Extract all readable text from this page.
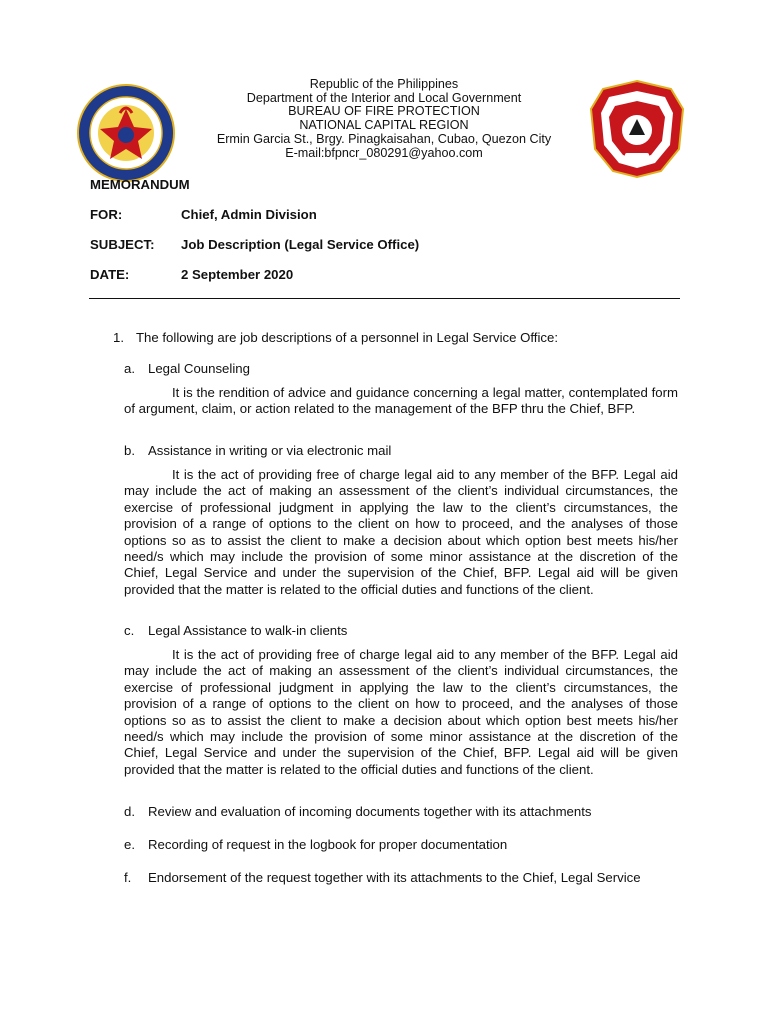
Republic of the Philippines
Department of the Interior and Local Government
BUREAU OF FIRE PROTECTION
NATIONAL CAPITAL REGION
Ermin Garcia St., Brgy. Pinagkaisahan, Cubao, Quezon City
E-mail:bfpncr_080291@yahoo.com
MEMORANDUM
FOR:	Chief, Admin Division
SUBJECT: Job Description (Legal Service Office)
DATE:	2 September 2020
1. The following are job descriptions of a personnel in Legal Service Office:
a. Legal Counseling
It is the rendition of advice and guidance concerning a legal matter, contemplated form of argument, claim, or action related to the management of the BFP thru the Chief, BFP.
b. Assistance in writing or via electronic mail
It is the act of providing free of charge legal aid to any member of the BFP. Legal aid may include the act of making an assessment of the client’s individual circumstances, the exercise of professional judgment in applying the law to the client’s circumstances, the provision of a range of options to the client on how to proceed, and the analyses of those options so as to assist the client to make a decision about which option best meets his/her need/s which may include the provision of some minor assistance at the discretion of the Chief, Legal Service and under the supervision of the Chief, BFP. Legal aid will be given provided that the matter is related to the official duties and functions of the client.
c. Legal Assistance to walk-in clients
It is the act of providing free of charge legal aid to any member of the BFP. Legal aid may include the act of making an assessment of the client’s individual circumstances, the exercise of professional judgment in applying the law to the client’s circumstances, the provision of a range of options to the client on how to proceed, and the analyses of those options so as to assist the client to make a decision about which option best meets his/her need/s which may include the provision of some minor assistance at the discretion of the Chief, Legal Service and under the supervision of the Chief, BFP. Legal aid will be given provided that the matter is related to the official duties and functions of the client.
d. Review and evaluation of incoming documents together with its attachments
e. Recording of request in the logbook for proper documentation
f. Endorsement of the request together with its attachments to the Chief, Legal Service
